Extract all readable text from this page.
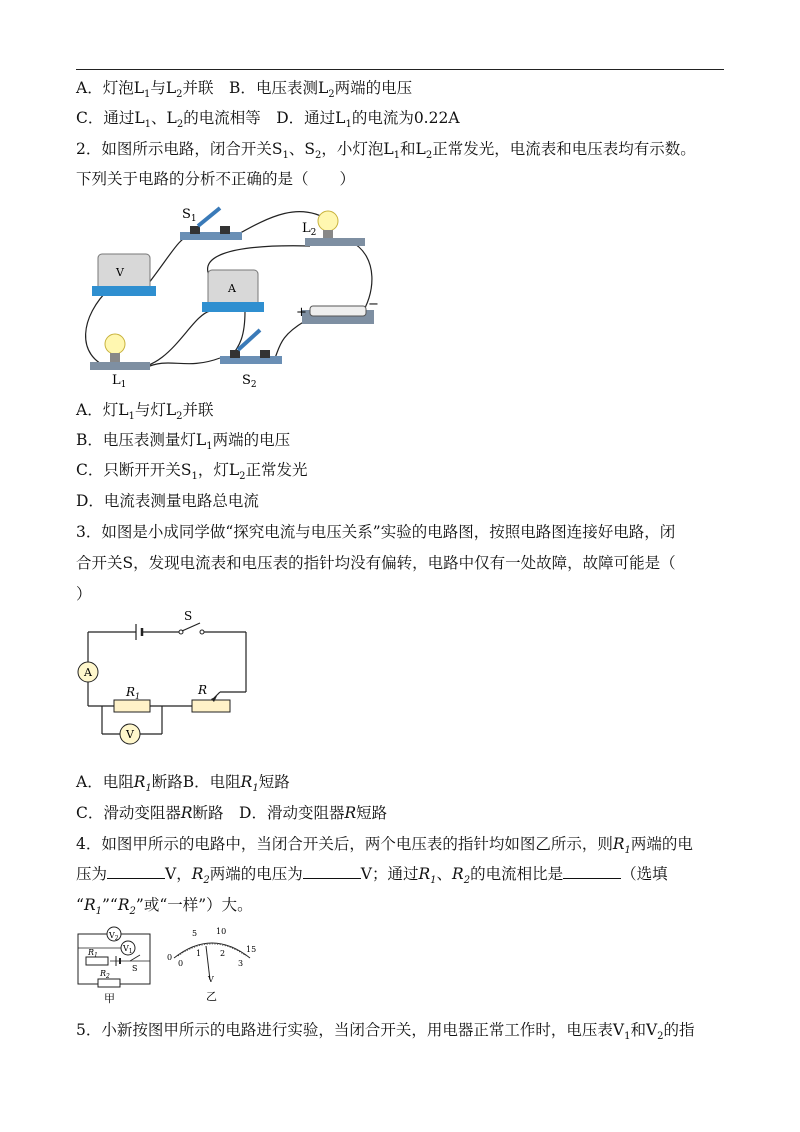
A．灯泡$L_1$与$L_2$并联　B．电压表测$L_2$两端的电压
C．通过$L_1$、$L_2$的电流相等　D．通过$L_1$的电流为0.22A
2．如图所示电路，闭合开关$S_1$、$S_2$，小灯泡$L_1$和$L_2$正常发光，电流表和电压表均有示数。
下列关于电路的分析不正确的是（　　）
$S_1$
$L_2$
V
A
+
−
$L_1$	$S_2$
A．灯$L_1$与灯$L_2$并联
B．电压表测量灯$L_1$两端的电压
C．只断开开关$S_1$，灯$L_2$正常发光
D．电流表测量电路总电流
3．如图是小成同学做“探究电流与电压关系”实验的电路图，按照电路图连接好电路，闭
合开关S，发现电流表和电压表的指针均没有偏转，电路中仅有一处故障，故障可能是（
）
S
A
$R_1$	R
V
A．电阻$R_1$断路B．电阻$R_1$短路
C．滑动变阻器R断路　D．滑动变阻器R短路
4．如图甲所示的电路中，当闭合开关后，两个电压表的指针均如图乙所示，则$R_1$两端的电
压为	V，$R_2$两端的电压为	V；通过$R_1$、$R_2$的电流相比是	（选填
“$R_1”“R_2$”或“一样”）大。
$V_2$
$V_1$
$R_1$
$R_2$
S
甲
0
5 10
15
0
1 2
3
V
乙
5．小新按图甲所示的电路进行实验，当闭合开关，用电器正常工作时，电压表$V_1$和$V_2$的指
